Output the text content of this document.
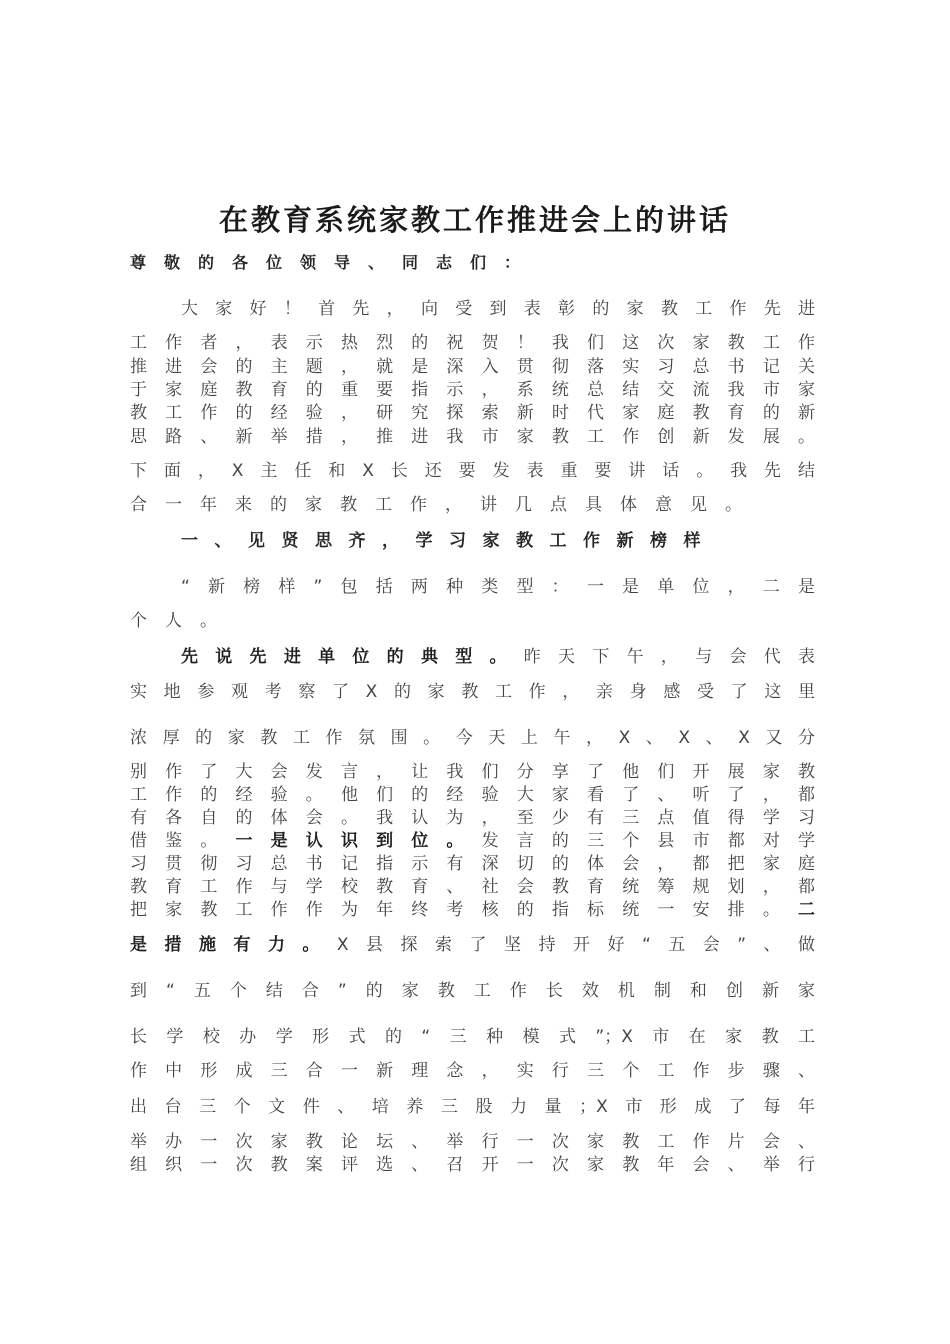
在教育系统家教工作推进会上的讲话
尊敬的各位领导、同志们：
大家好！首先，向受到表彰的家教工作先进
工作者，表示热烈的祝贺！我们这次家教工作
推进会的主题，就是深入贯彻落实习总书记关
于家庭教育的重要指示，系统总结交流我市家
教工作的经验，研究探索新时代家庭教育的新
思路、新举措，推进我市家教工作创新发展。
下面，X主任和X长还要发表重要讲话。我先结
合一年来的家教工作，讲几点具体意见。
一、见贤思齐，学习家教工作新榜样
“新榜样”包括两种类型：一是单位，二是
个人。
先说先进单位的典型。昨天下午，与会代表
实地参观考察了X的家教工作，亲身感受了这里
浓厚的家教工作氛围。今天上午，X、X、X又分
别作了大会发言，让我们分享了他们开展家教
工作的经验。他们的经验大家看了、听了，都
有各自的体会。我认为，至少有三点值得学习
借鉴。一是认识到位。发言的三个县市都对学
习贯彻习总书记指示有深切的体会，都把家庭
教育工作与学校教育、社会教育统筹规划，都
把家教工作作为年终考核的指标统一安排。二
是措施有力。X县探索了坚持开好“五会”、做
到“五个结合”的家教工作长效机制和创新家
长学校办学形式的“三种模式”；X市在家教工
作中形成三合一新理念，实行三个工作步骤、
出台三个文件、培养三股力量；X市形成了每年
举办一次家教论坛、举行一次家教工作片会、
组织一次教案评选、召开一次家教年会、举行
